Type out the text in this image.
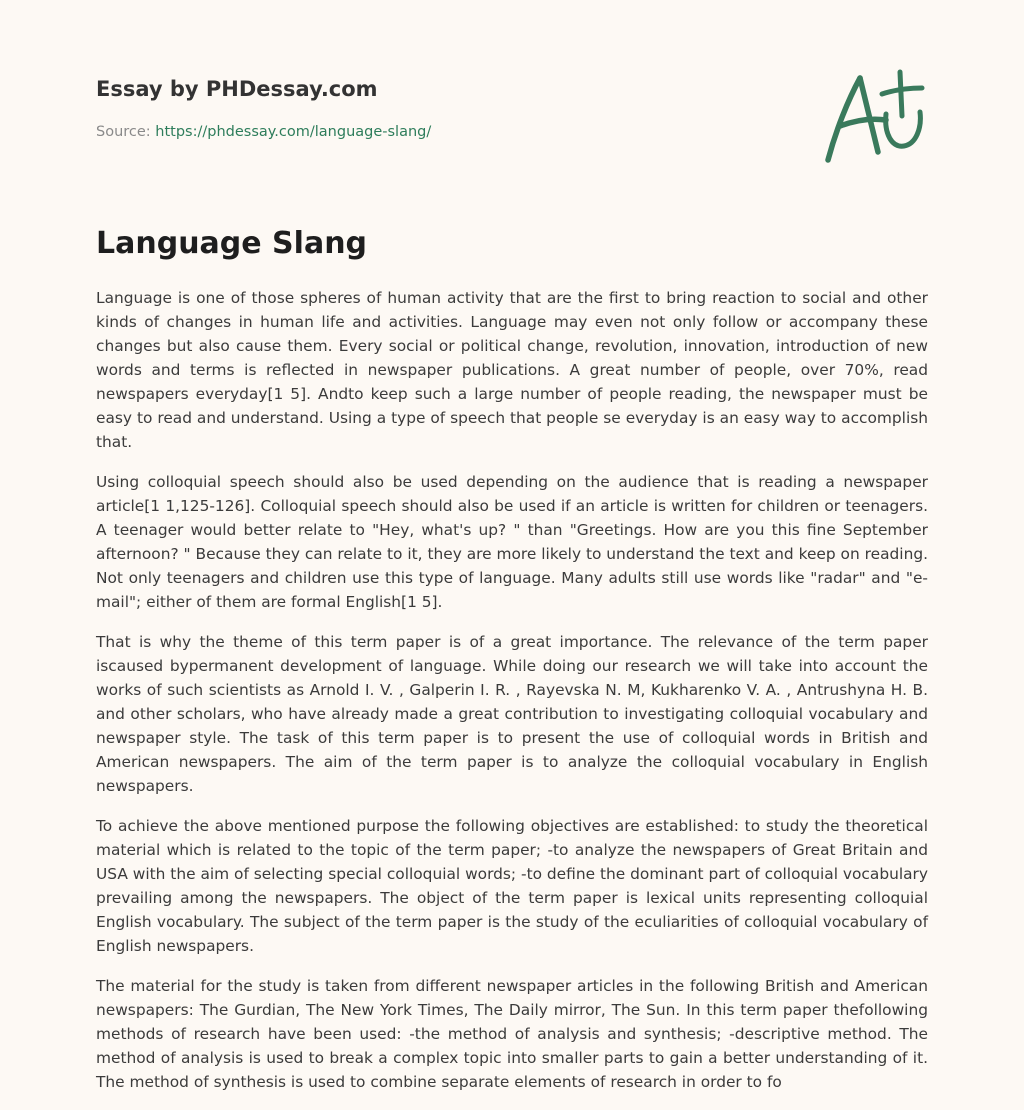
Essay by PHDessay.com
Source: https://phdessay.com/language-slang/
Language Slang

Language is one of those spheres of human activity that are the first to bring reaction to social and other kinds of changes in human life and activities. Language may even not only follow or accompany these changes but also cause them. Every social or political change, revolution, innovation, introduction of new words and terms is reflected in newspaper publications. A great number of people, over 70%, read newspapers everyday[1 5]. Andto keep such a large number of people reading, the newspaper must be easy to read and understand. Using a type of speech that people se everyday is an easy way to accomplish that.

Using colloquial speech should also be used depending on the audience that is reading a newspaper article[1 1,125-126]. Colloquial speech should also be used if an article is written for children or teenagers. A teenager would better relate to "Hey, what's up? " than "Greetings. How are you this fine September afternoon? " Because they can relate to it, they are more likely to understand the text and keep on reading. Not only teenagers and children use this type of language. Many adults still use words like "radar" and "e-mail"; either of them are formal English[1 5].

That is why the theme of this term paper is of a great importance. The relevance of the term paper iscaused bypermanent development of language. While doing our research we will take into account the works of such scientists as Arnold I. V. , Galperin I. R. , Rayevska N. M, Kukharenko V. A. , Antrushyna H. B. and other scholars, who have already made a great contribution to investigating colloquial vocabulary and newspaper style. The task of this term paper is to present the use of colloquial words in British and American newspapers. The aim of the term paper is to analyze the colloquial vocabulary in English newspapers.

To achieve the above mentioned purpose the following objectives are established: to study the theoretical material which is related to the topic of the term paper; -to analyze the newspapers of Great Britain and USA with the aim of selecting special colloquial words; -to define the dominant part of colloquial vocabulary prevailing among the newspapers. The object of the term paper is lexical units representing colloquial English vocabulary. The subject of the term paper is the study of the eculiarities of colloquial vocabulary of English newspapers.

The material for the study is taken from different newspaper articles in the following British and American newspapers: The Gurdian, The New York Times, The Daily mirror, The Sun. In this term paper thefollowing methods of research have been used: -the method of analysis and synthesis; -descriptive method. The method of analysis is used to break a complex topic into smaller parts to gain a better understanding of it. The method of synthesis is used to combine separate elements of research in order to fo
